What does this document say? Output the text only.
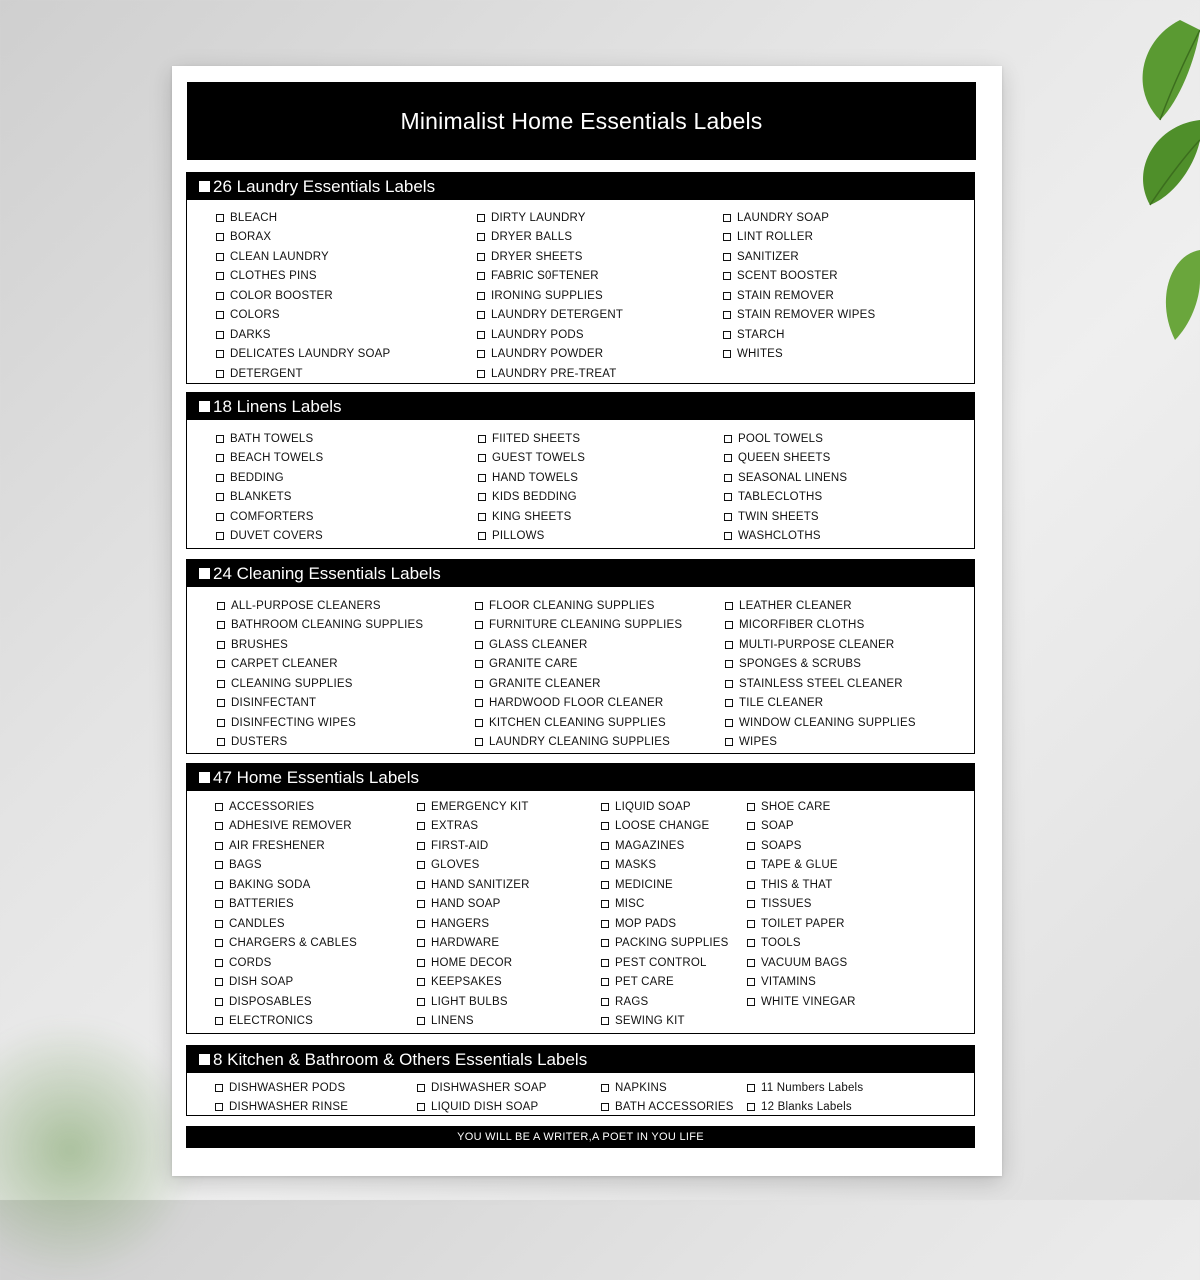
Minimalist Home Essentials Labels
26 Laundry Essentials Labels
BLEACH
BORAX
CLEAN LAUNDRY
CLOTHES PINS
COLOR BOOSTER
COLORS
DARKS
DELICATES LAUNDRY SOAP
DETERGENT
DIRTY LAUNDRY
DRYER BALLS
DRYER SHEETS
FABRIC S0FTENER
IRONING SUPPLIES
LAUNDRY DETERGENT
LAUNDRY PODS
LAUNDRY POWDER
LAUNDRY PRE-TREAT
LAUNDRY SOAP
LINT ROLLER
SANITIZER
SCENT BOOSTER
STAIN REMOVER
STAIN REMOVER WIPES
STARCH
WHITES
18 Linens Labels
BATH TOWELS
BEACH TOWELS
BEDDING
BLANKETS
COMFORTERS
DUVET COVERS
FIITED SHEETS
GUEST TOWELS
HAND TOWELS
KIDS BEDDING
KING SHEETS
PILLOWS
POOL TOWELS
QUEEN SHEETS
SEASONAL LINENS
TABLECLOTHS
TWIN SHEETS
WASHCLOTHS
24 Cleaning Essentials Labels
ALL-PURPOSE CLEANERS
BATHROOM CLEANING SUPPLIES
BRUSHES
CARPET CLEANER
CLEANING SUPPLIES
DISINFECTANT
DISINFECTING WIPES
DUSTERS
FLOOR CLEANING SUPPLIES
FURNITURE CLEANING SUPPLIES
GLASS CLEANER
GRANITE CARE
GRANITE CLEANER
HARDWOOD FLOOR CLEANER
KITCHEN CLEANING SUPPLIES
LAUNDRY CLEANING SUPPLIES
LEATHER CLEANER
MICORFIBER CLOTHS
MULTI-PURPOSE CLEANER
SPONGES & SCRUBS
STAINLESS STEEL CLEANER
TILE CLEANER
WINDOW CLEANING SUPPLIES
WIPES
47 Home Essentials Labels
ACCESSORIES
ADHESIVE REMOVER
AIR FRESHENER
BAGS
BAKING SODA
BATTERIES
CANDLES
CHARGERS & CABLES
CORDS
DISH SOAP
DISPOSABLES
ELECTRONICS
EMERGENCY KIT
EXTRAS
FIRST-AID
GLOVES
HAND SANITIZER
HAND SOAP
HANGERS
HARDWARE
HOME DECOR
KEEPSAKES
LIGHT BULBS
LINENS
LIQUID SOAP
LOOSE CHANGE
MAGAZINES
MASKS
MEDICINE
MISC
MOP PADS
PACKING SUPPLIES
PEST CONTROL
PET CARE
RAGS
SEWING KIT
SHOE CARE
SOAP
SOAPS
TAPE & GLUE
THIS & THAT
TISSUES
TOILET PAPER
TOOLS
VACUUM BAGS
VITAMINS
WHITE VINEGAR
8 Kitchen & Bathroom & Others Essentials Labels
DISHWASHER PODS
DISHWASHER RINSE
DISHWASHER SOAP
LIQUID DISH SOAP
NAPKINS
BATH ACCESSORIES
11 Numbers Labels
12 Blanks Labels
YOU WILL BE A WRITER,A POET IN YOU LIFE
